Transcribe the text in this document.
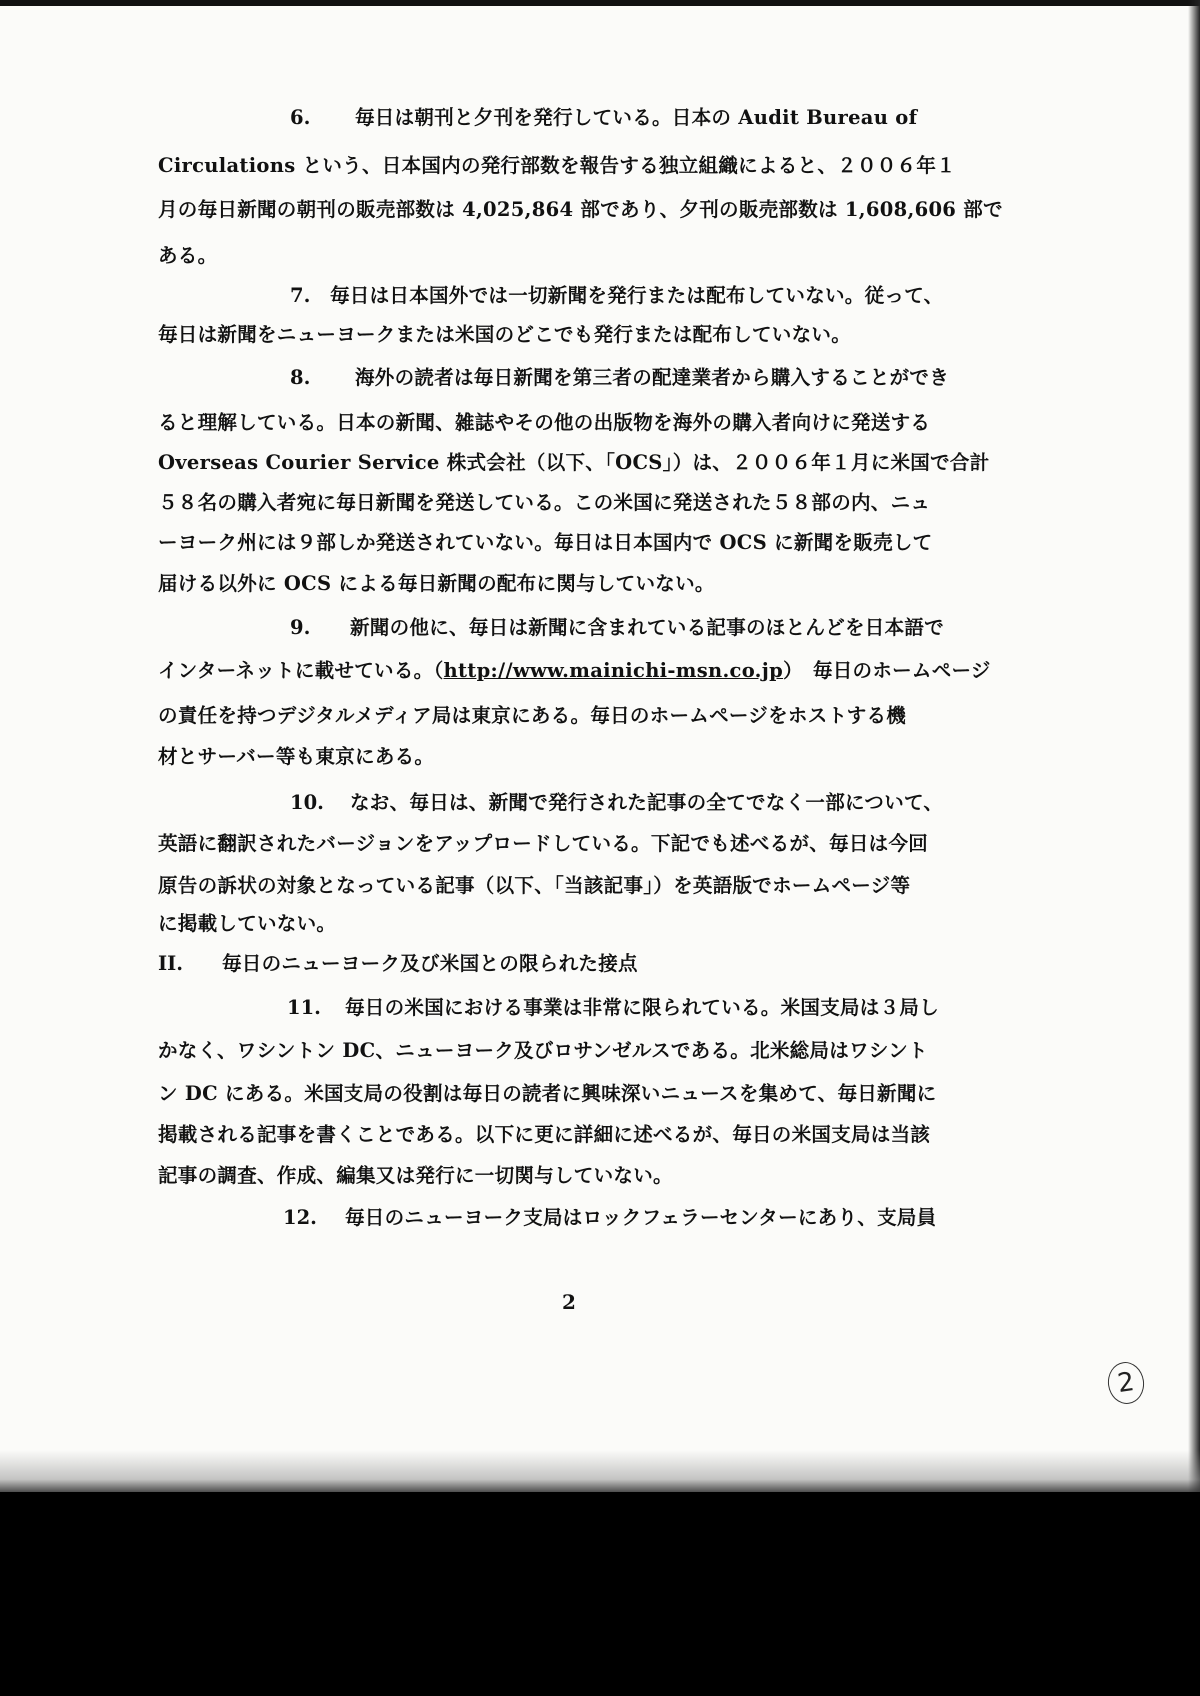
6. 毎日は朝刊と夕刊を発行している。日本の Audit Bureau of
Circulations という、日本国内の発行部数を報告する独立組織によると、２００６年１
月の毎日新聞の朝刊の販売部数は 4,025,864 部であり、夕刊の販売部数は 1,608,606 部で
ある。
7. 毎日は日本国外では一切新聞を発行または配布していない。従って、
毎日は新聞をニューヨークまたは米国のどこでも発行または配布していない。
8. 海外の読者は毎日新聞を第三者の配達業者から購入することができ
ると理解している。日本の新聞、雑誌やその他の出版物を海外の購入者向けに発送する
Overseas Courier Service 株式会社（以下、「OCS」）は、２００６年１月に米国で合計
５８名の購入者宛に毎日新聞を発送している。この米国に発送された５８部の内、ニュ
ーヨーク州には９部しか発送されていない。毎日は日本国内で OCS に新聞を販売して
届ける以外に OCS による毎日新聞の配布に関与していない。
9. 新聞の他に、毎日は新聞に含まれている記事のほとんどを日本語で
インターネットに載せている。（http://www.mainichi-msn.co.jp）　毎日のホームページ
の責任を持つデジタルメディア局は東京にある。毎日のホームページをホストする機
材とサーバー等も東京にある。
10. なお、毎日は、新聞で発行された記事の全てでなく一部について、
英語に翻訳されたバージョンをアップロードしている。下記でも述べるが、毎日は今回
原告の訴状の対象となっている記事（以下、「当該記事」）を英語版でホームページ等
に掲載していない。
II. 毎日のニューヨーク及び米国との限られた接点
11. 毎日の米国における事業は非常に限られている。米国支局は３局し
かなく、ワシントン DC、ニューヨーク及びロサンゼルスである。北米総局はワシント
ン DC にある。米国支局の役割は毎日の読者に興味深いニュースを集めて、毎日新聞に
掲載される記事を書くことである。以下に更に詳細に述べるが、毎日の米国支局は当該
記事の調査、作成、編集又は発行に一切関与していない。
12. 毎日のニューヨーク支局はロックフェラーセンターにあり、支局員
2
2
